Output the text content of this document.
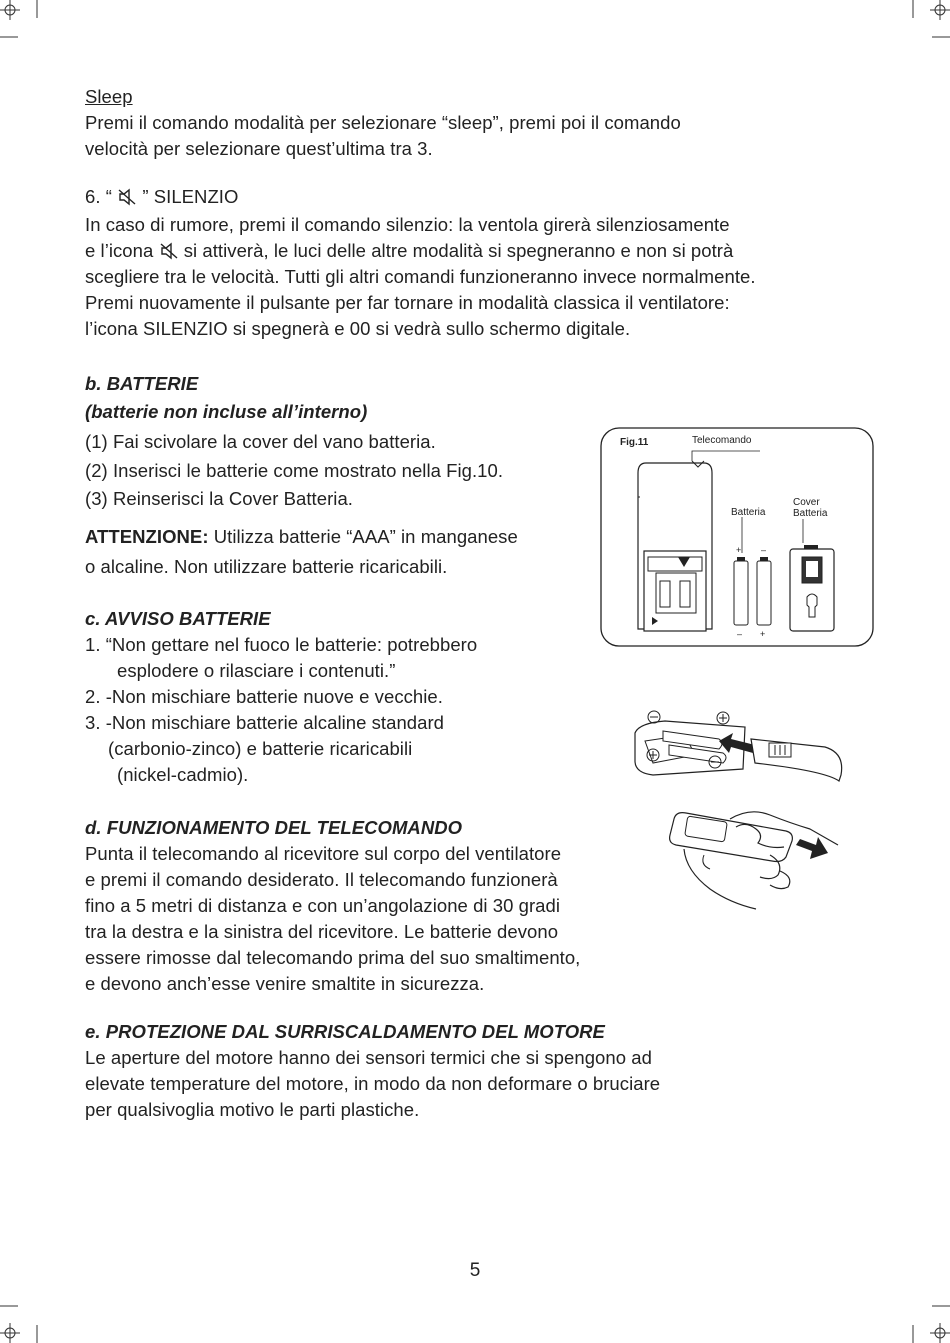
Sleep
Premi il comando modalità per selezionare “sleep”, premi poi il comando
velocità per selezionare quest’ultima tra 3.
6. “ ” SILENZIO
In caso di rumore, premi il comando silenzio: la ventola girerà silenziosamente
e l’icona si attiverà, le luci delle altre modalità si spegneranno e non si potrà
scegliere tra le velocità. Tutti gli altri comandi funzioneranno invece normalmente.
Premi nuovamente il pulsante per far tornare in modalità classica il ventilatore:
l’icona SILENZIO si spegnerà e 00 si vedrà sullo schermo digitale.
b. BATTERIE
(batterie non incluse all’interno)
(1) Fai scivolare la cover del vano batteria.
(2) Inserisci le batterie come mostrato nella Fig.10.
(3) Reinserisci la Cover Batteria.
ATTENZIONE: Utilizza batterie “AAA” in manganese
o alcaline. Non utilizzare batterie ricaricabili.
c. AVVISO BATTERIE
1. “Non gettare nel fuoco le batterie: potrebbero
esplodere o rilasciare i contenuti.”
2. -Non mischiare batterie nuove e vecchie.
3. -Non mischiare batterie alcaline standard
(carbonio-zinco) e batterie ricaricabili
(nickel-cadmio).
d. FUNZIONAMENTO DEL TELECOMANDO
Punta il telecomando al ricevitore sul corpo del ventilatore
e premi il comando desiderato. Il telecomando funzionerà
fino a 5 metri di distanza e con un’angolazione di 30 gradi
tra la destra e la sinistra del ricevitore. Le batterie devono
essere rimosse dal telecomando prima del suo smaltimento,
e devono anch’esse venire smaltite in sicurezza.
e. PROTEZIONE DAL SURRISCALDAMENTO DEL MOTORE
Le aperture del motore hanno dei sensori termici che si spengono ad
elevate temperature del motore, in modo da non deformare o bruciare
per qualsivoglia motivo le parti plastiche.
+ –
– +
Fig.11	Telecomando
Batteria
Cover
Batteria
5
